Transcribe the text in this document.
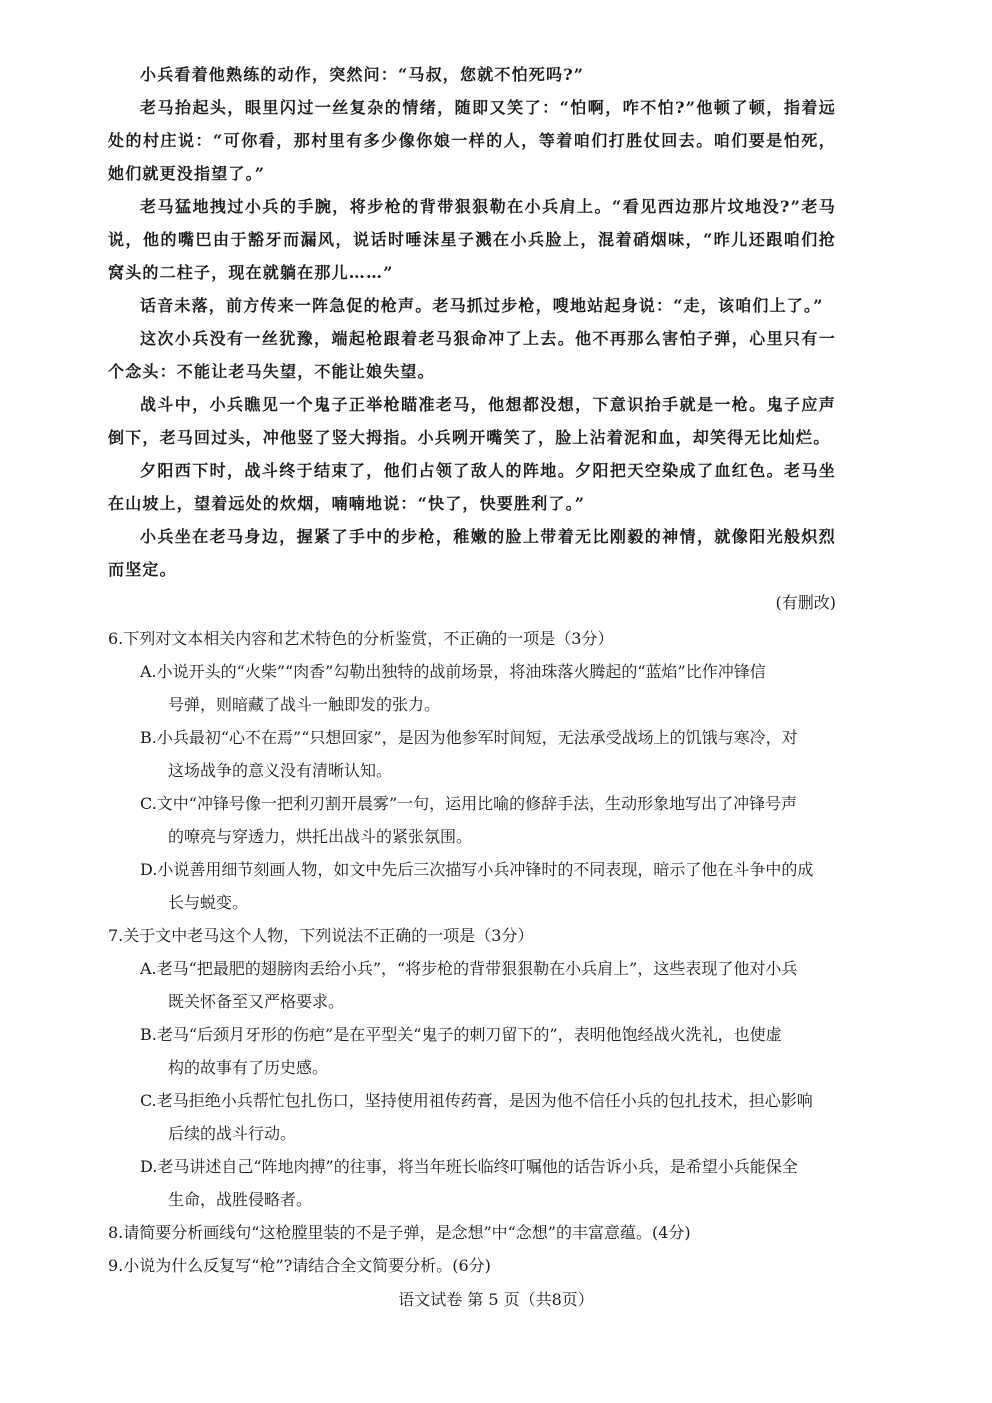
小兵看着他熟练的动作，突然问：“马叔，您就不怕死吗?”

老马抬起头，眼里闪过一丝复杂的情绪，随即又笑了：“怕啊，咋不怕?”他顿了顿，指着远处的村庄说：“可你看，那村里有多少像你娘一样的人，等着咱们打胜仗回去。咱们要是怕死，她们就更没指望了。”

老马猛地拽过小兵的手腕，将步枪的背带狠狠勒在小兵肩上。“看见西边那片坟地没?”老马说，他的嘴巴由于豁牙而漏风，说话时唾沫星子溅在小兵脸上，混着硝烟味，“昨儿还跟咱们抢窝头的二柱子，现在就躺在那儿……”

话音未落，前方传来一阵急促的枪声。老马抓过步枪，嗖地站起身说：“走，该咱们上了。”

这次小兵没有一丝犹豫，端起枪跟着老马狠命冲了上去。他不再那么害怕子弹，心里只有一个念头：不能让老马失望，不能让娘失望。

战斗中，小兵瞧见一个鬼子正举枪瞄准老马，他想都没想，下意识抬手就是一枪。鬼子应声倒下，老马回过头，冲他竖了竖大拇指。小兵咧开嘴笑了，脸上沾着泥和血，却笑得无比灿烂。

夕阳西下时，战斗终于结束了，他们占领了敌人的阵地。夕阳把天空染成了血红色。老马坐在山坡上，望着远处的炊烟，喃喃地说：“快了，快要胜利了。”

小兵坐在老马身边，握紧了手中的步枪，稚嫩的脸上带着无比刚毅的神情，就像阳光般炽烈而坚定。

(有删改)

6.下列对文本相关内容和艺术特色的分析鉴赏，不正确的一项是（3分）

A.小说开头的“火柴”“肉香”勾勒出独特的战前场景，将油珠落火腾起的“蓝焰”比作冲锋信
号弹，则暗藏了战斗一触即发的张力。

B.小兵最初“心不在焉”“只想回家”，是因为他参军时间短，无法承受战场上的饥饿与寒冷，对
这场战争的意义没有清晰认知。

C.文中“冲锋号像一把利刃割开晨雾”一句，运用比喻的修辞手法，生动形象地写出了冲锋号声
的嘹亮与穿透力，烘托出战斗的紧张氛围。

D.小说善用细节刻画人物，如文中先后三次描写小兵冲锋时的不同表现，暗示了他在斗争中的成
长与蜕变。

7.关于文中老马这个人物，下列说法不正确的一项是（3分）

A.老马“把最肥的翅膀肉丢给小兵”，“将步枪的背带狠狠勒在小兵肩上”，这些表现了他对小兵
既关怀备至又严格要求。

B.老马“后颈月牙形的伤疤”是在平型关“鬼子的刺刀留下的”，表明他饱经战火洗礼，也使虚
构的故事有了历史感。

C.老马拒绝小兵帮忙包扎伤口，坚持使用祖传药膏，是因为他不信任小兵的包扎技术，担心影响
后续的战斗行动。

D.老马讲述自己“阵地肉搏”的往事，将当年班长临终叮嘱他的话告诉小兵，是希望小兵能保全
生命，战胜侵略者。

8.请简要分析画线句“这枪膛里装的不是子弹，是念想”中“念想”的丰富意蕴。(4分)

9.小说为什么反复写“枪”?请结合全文简要分析。(6分)

语文试卷 第 5 页（共8页）
